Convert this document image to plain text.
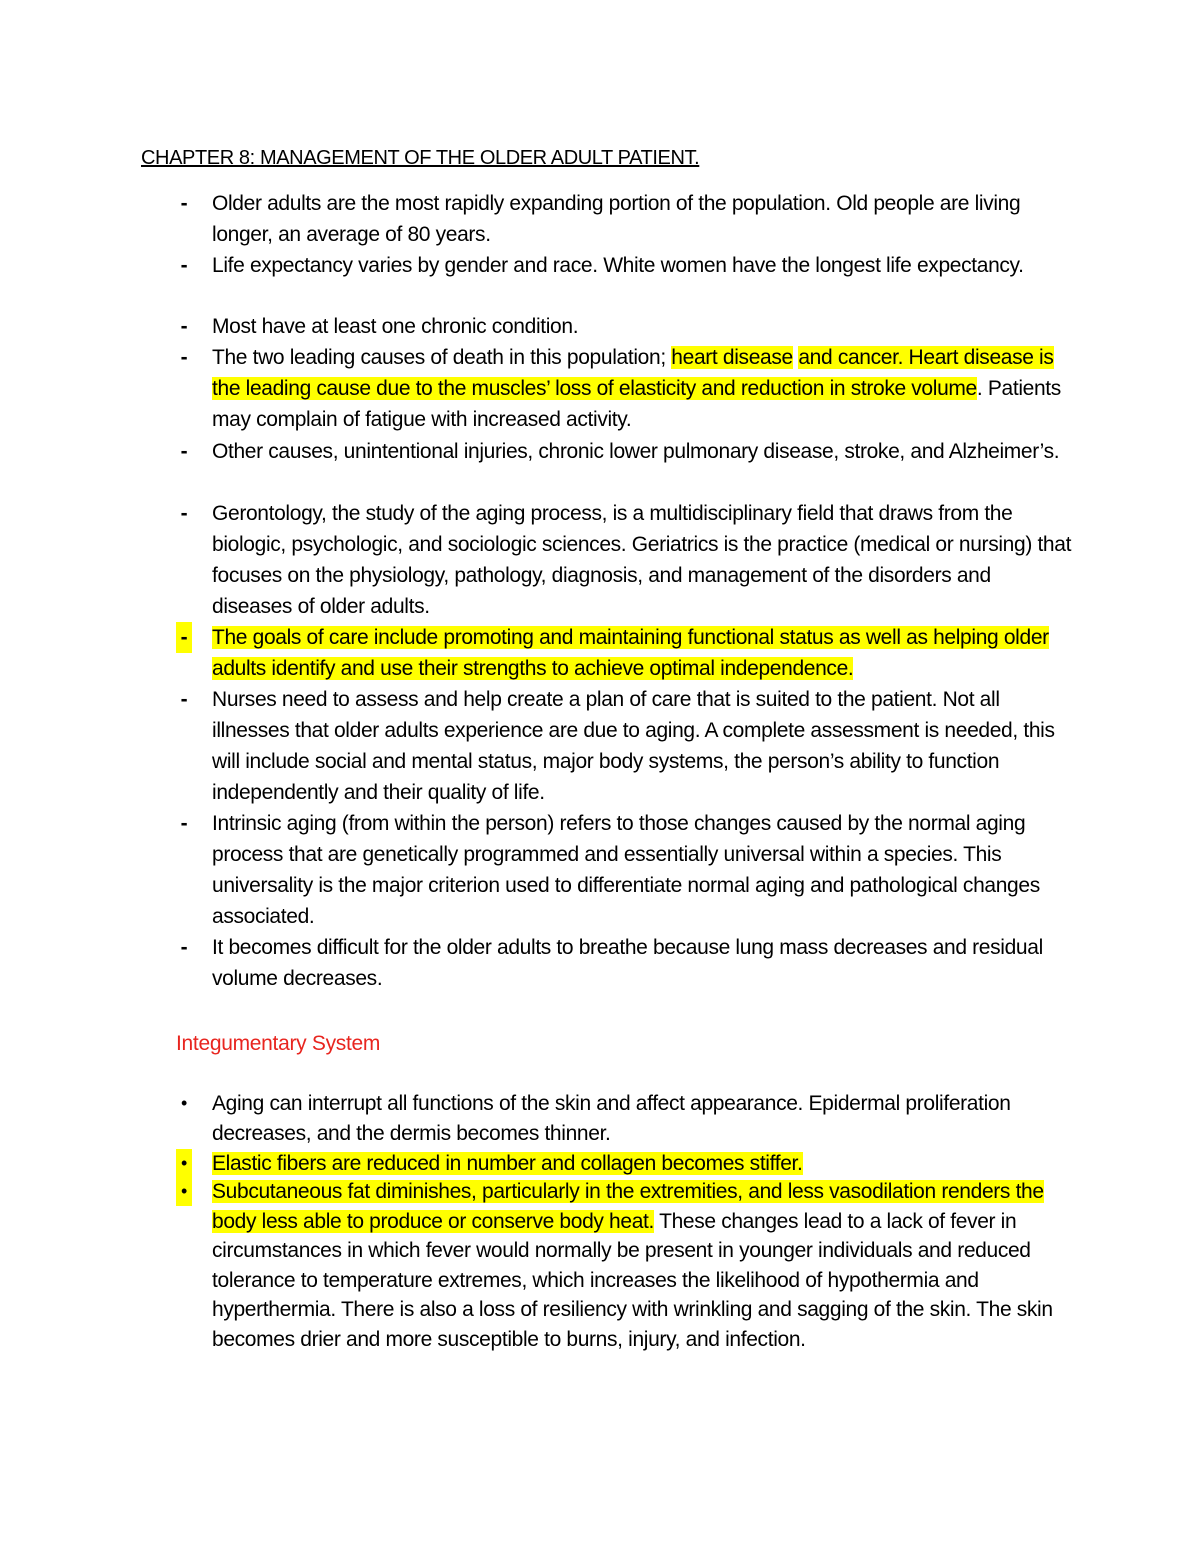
CHAPTER 8: MANAGEMENT OF THE OLDER ADULT PATIENT.
- Older adults are the most rapidly expanding portion of the population. Old people are living longer, an average of 80 years.
- Life expectancy varies by gender and race. White women have the longest life expectancy.
- Most have at least one chronic condition.
- The two leading causes of death in this population; heart disease and cancer. Heart disease is the leading cause due to the muscles’ loss of elasticity and reduction in stroke volume. Patients may complain of fatigue with increased activity.
- Other causes, unintentional injuries, chronic lower pulmonary disease, stroke, and Alzheimer’s.
- Gerontology, the study of the aging process, is a multidisciplinary field that draws from the biologic, psychologic, and sociologic sciences. Geriatrics is the practice (medical or nursing) that focuses on the physiology, pathology, diagnosis, and management of the disorders and diseases of older adults.
- The goals of care include promoting and maintaining functional status as well as helping older adults identify and use their strengths to achieve optimal independence.
- Nurses need to assess and help create a plan of care that is suited to the patient. Not all illnesses that older adults experience are due to aging. A complete assessment is needed, this will include social and mental status, major body systems, the person’s ability to function independently and their quality of life.
- Intrinsic aging (from within the person) refers to those changes caused by the normal aging process that are genetically programmed and essentially universal within a species. This universality is the major criterion used to differentiate normal aging and pathological changes associated.
- It becomes difficult for the older adults to breathe because lung mass decreases and residual volume decreases.
Integumentary System
• Aging can interrupt all functions of the skin and affect appearance. Epidermal proliferation decreases, and the dermis becomes thinner.
• Elastic fibers are reduced in number and collagen becomes stiffer.
• Subcutaneous fat diminishes, particularly in the extremities, and less vasodilation renders the body less able to produce or conserve body heat. These changes lead to a lack of fever in circumstances in which fever would normally be present in younger individuals and reduced tolerance to temperature extremes, which increases the likelihood of hypothermia and hyperthermia. There is also a loss of resiliency with wrinkling and sagging of the skin. The skin becomes drier and more susceptible to burns, injury, and infection.
